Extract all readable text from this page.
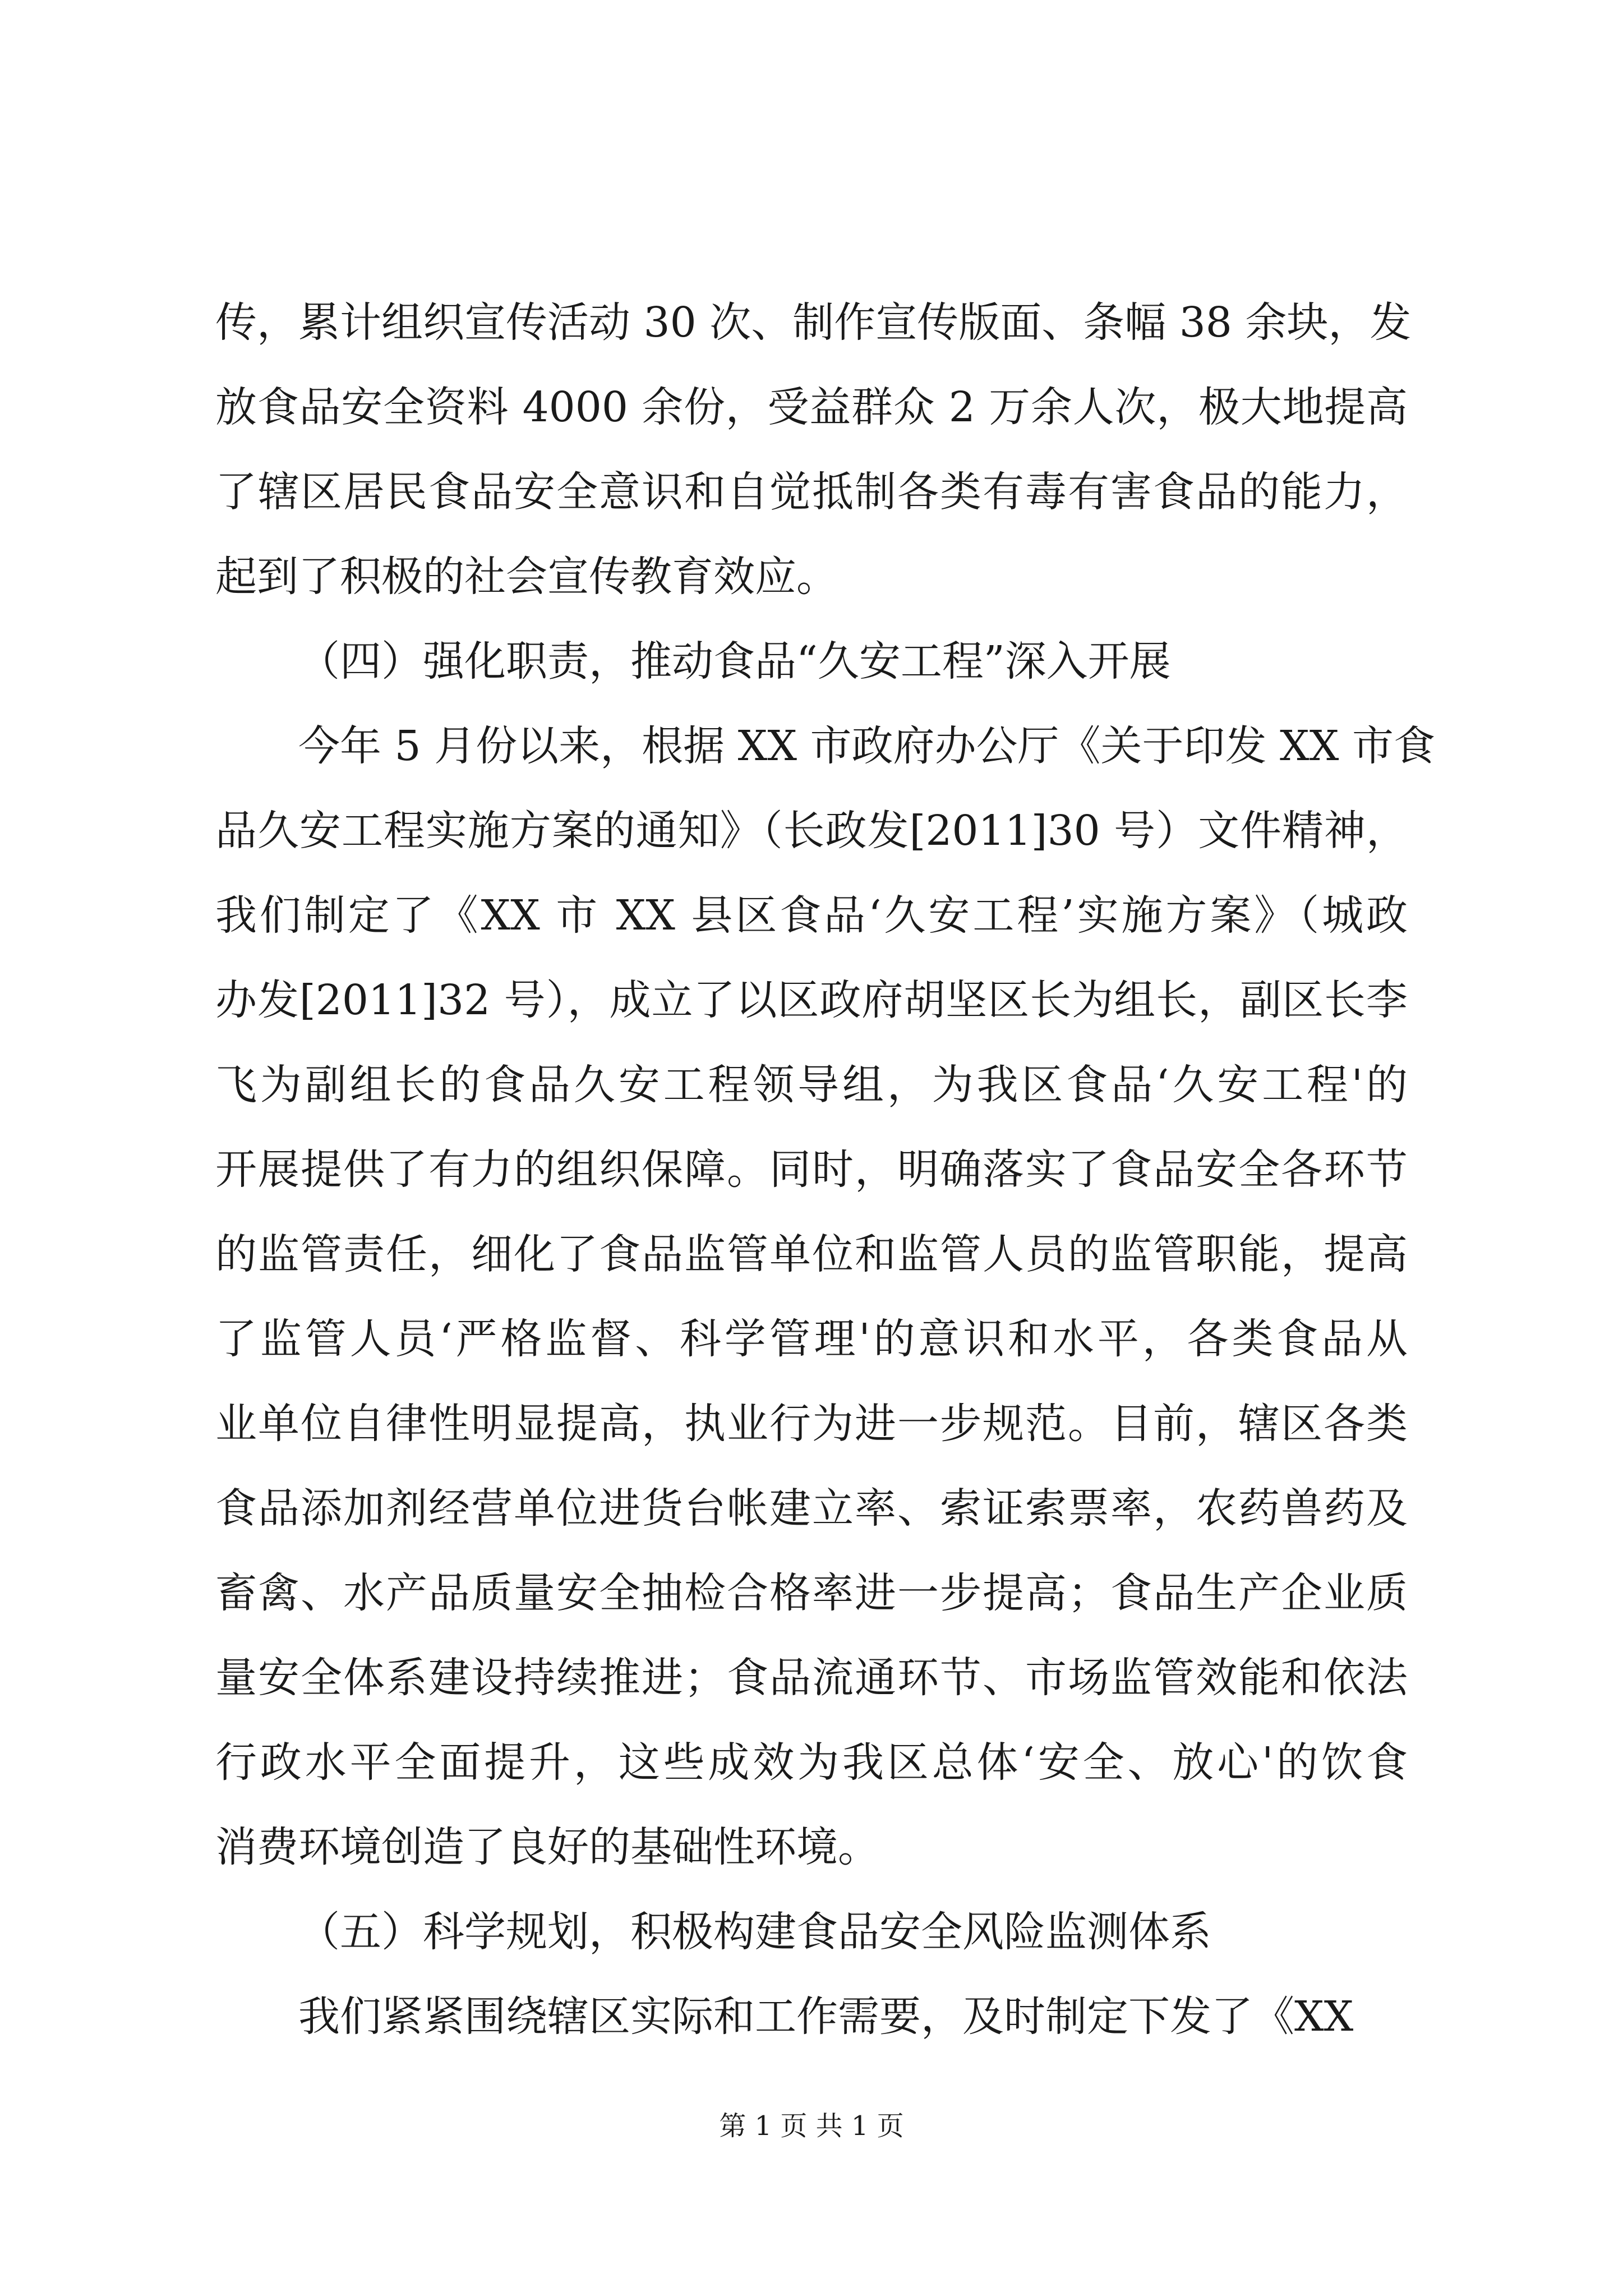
传，累计组织宣传活动 30 次、制作宣传版面、条幅 38 余块，发
放食品安全资料 4000 余份，受益群众 2 万余人次，极大地提高
了辖区居民食品安全意识和自觉抵制各类有毒有害食品的能力，
起到了积极的社会宣传教育效应。
（四）强化职责，推动食品“久安工程”深入开展
今年 5 月份以来，根据 XX 市政府办公厅《关于印发 XX 市食
品久安工程实施方案的通知》（长政发[2011]30 号）文件精神，
我们制定了《XX 市 XX 县区食品‘久安工程’实施方案》（城政
办发[2011]32 号），成立了以区政府胡坚区长为组长，副区长李
飞为副组长的食品久安工程领导组，为我区食品‘久安工程'的
开展提供了有力的组织保障。同时，明确落实了食品安全各环节
的监管责任，细化了食品监管单位和监管人员的监管职能，提高
了监管人员‘严格监督、科学管理'的意识和水平，各类食品从
业单位自律性明显提高，执业行为进一步规范。目前，辖区各类
食品添加剂经营单位进货台帐建立率、索证索票率，农药兽药及
畜禽、水产品质量安全抽检合格率进一步提高；食品生产企业质
量安全体系建设持续推进；食品流通环节、市场监管效能和依法
行政水平全面提升，这些成效为我区总体‘安全、放心'的饮食
消费环境创造了良好的基础性环境。
（五）科学规划，积极构建食品安全风险监测体系
我们紧紧围绕辖区实际和工作需要，及时制定下发了《XX
第 1 页 共 1 页
